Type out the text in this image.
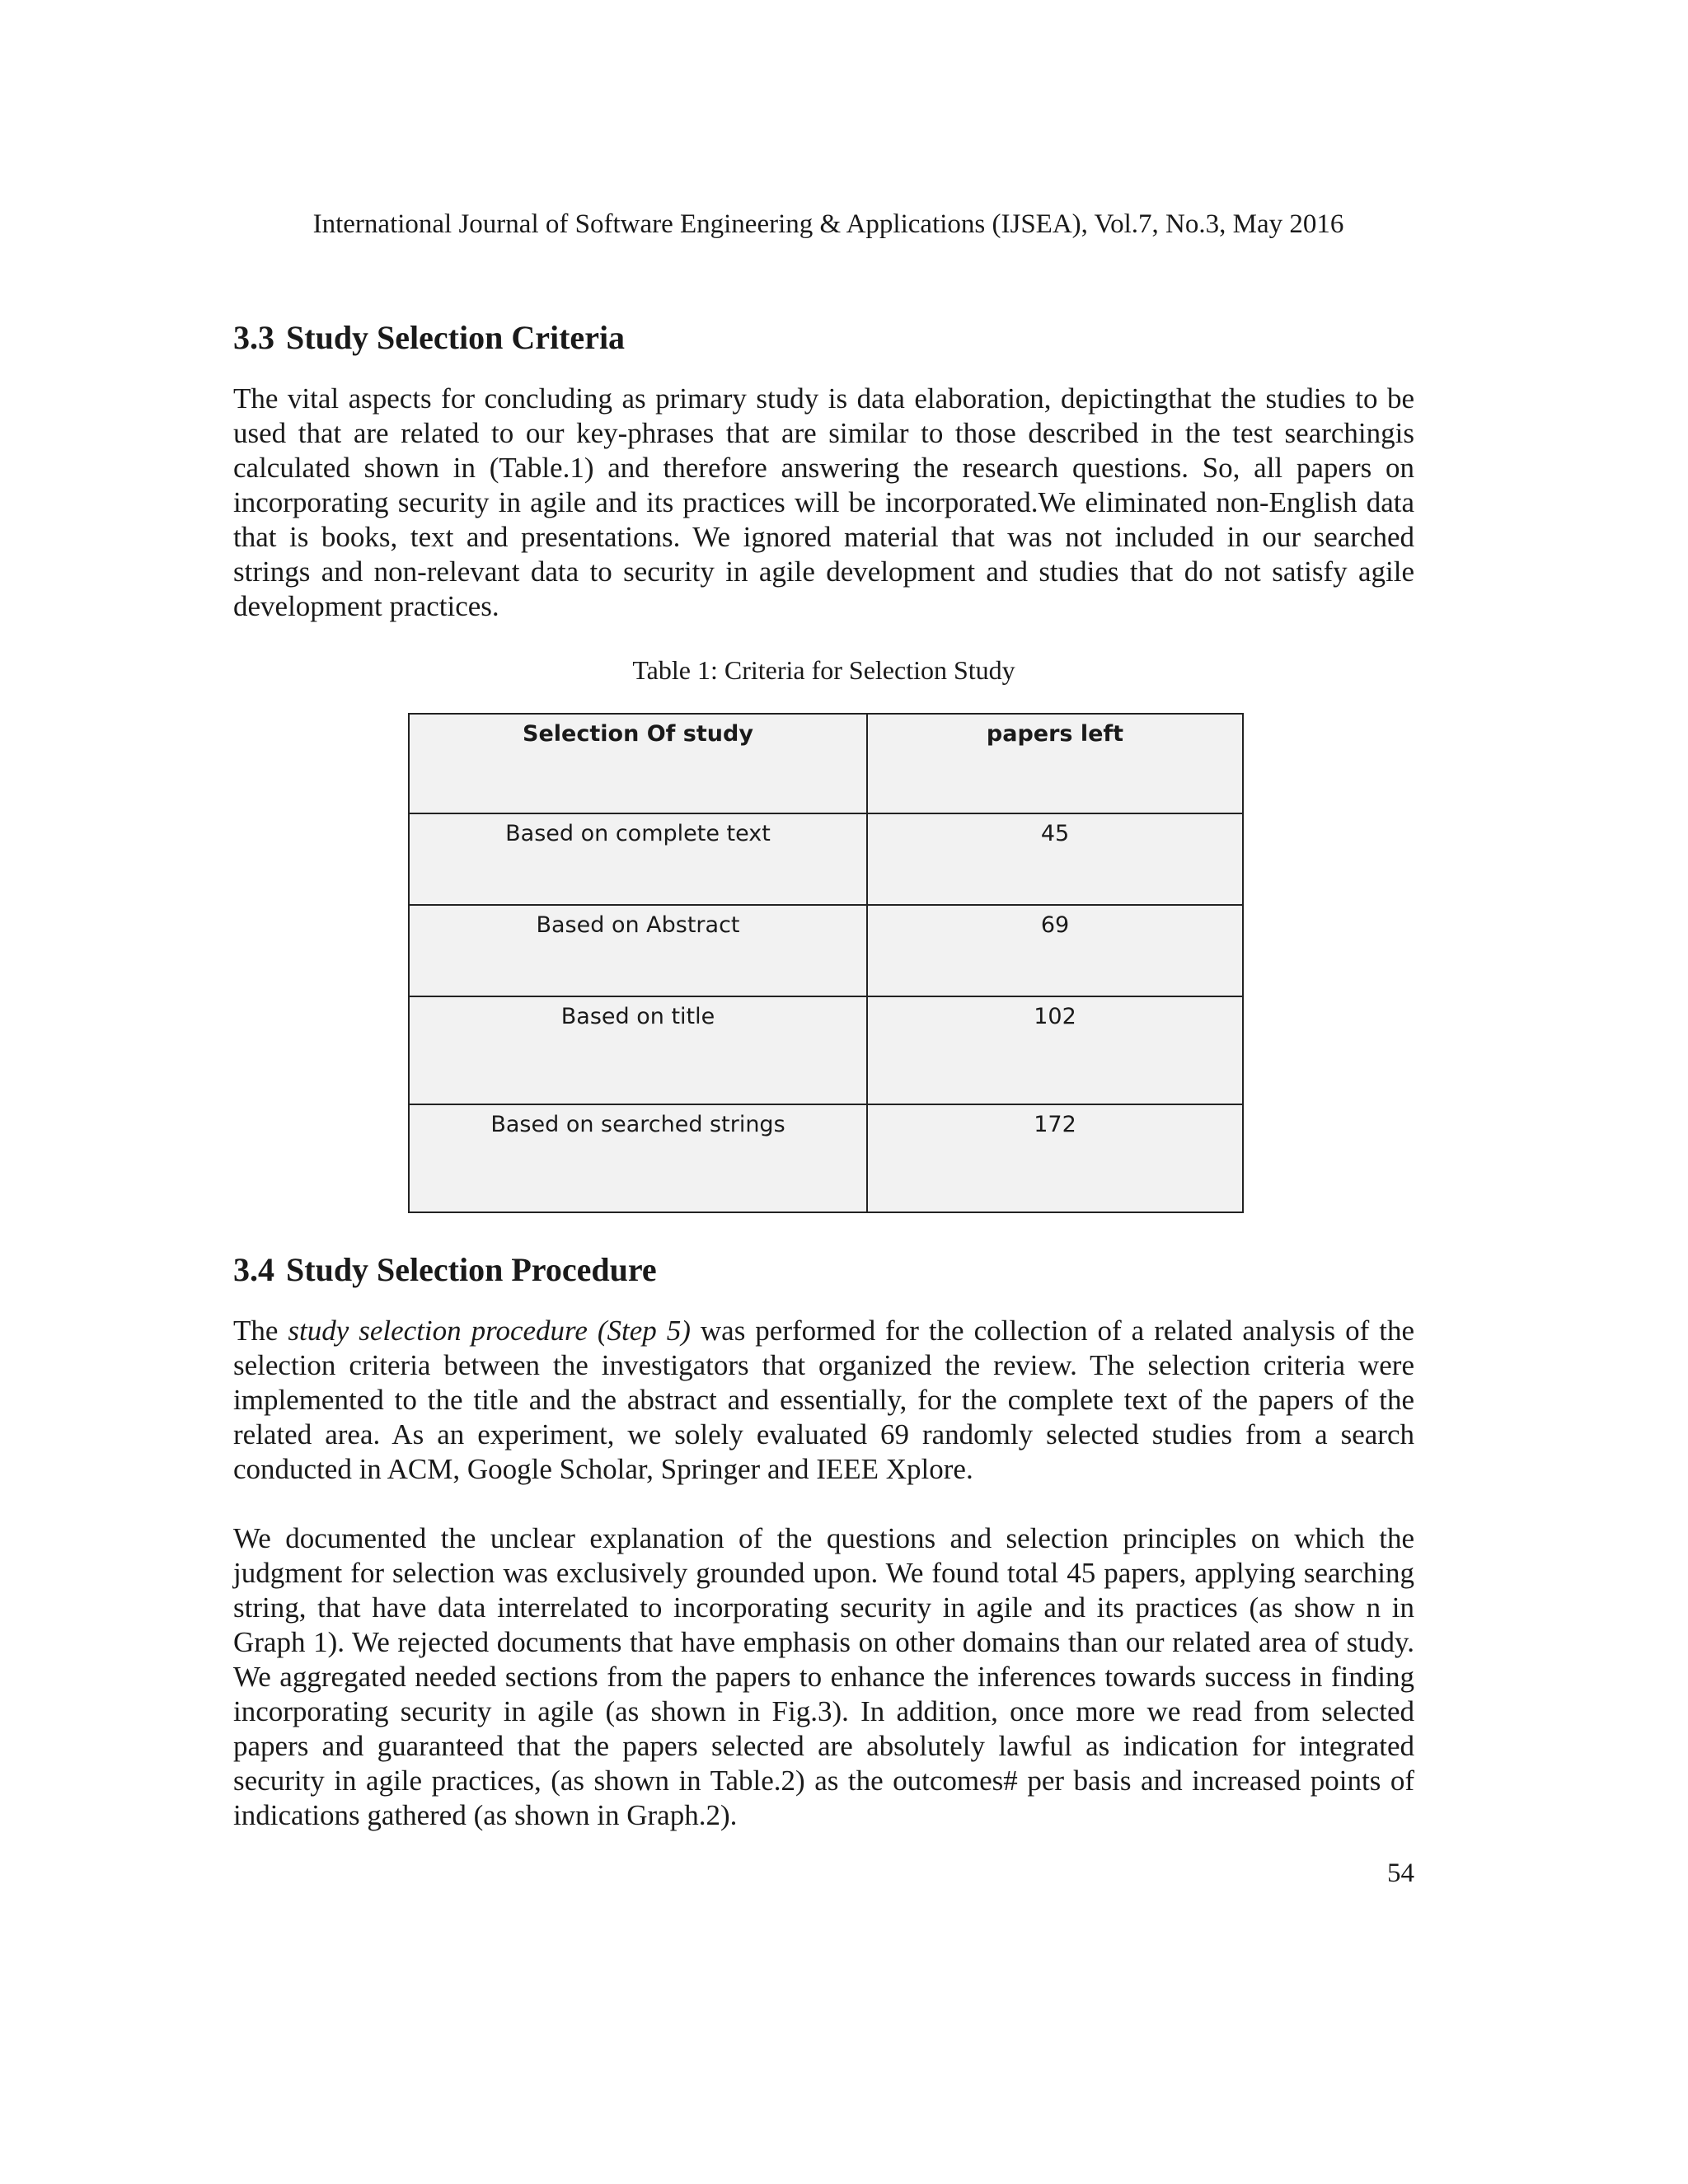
International Journal of Software Engineering & Applications (IJSEA), Vol.7, No.3, May 2016
3.3 Study Selection Criteria

The vital aspects for concluding as primary study is data elaboration, depictingthat the studies to be used that are related to our key-phrases that are similar to those described in the test searchingis calculated shown in (Table.1) and therefore answering the research questions. So, all papers on incorporating security in agile and its practices will be incorporated.We eliminated non-English data that is books, text and presentations. We ignored material that was not included in our searched strings and non-relevant data to security in agile development and studies that do not satisfy agile development practices.

Table 1: Criteria for Selection Study

Selection Of study	papers left
Based on complete text	45
Based on Abstract	69
Based on title	102
Based on searched strings	172
3.4 Study Selection Procedure

The study selection procedure (Step 5) was performed for the collection of a related analysis of the selection criteria between the investigators that organized the review. The selection criteria were implemented to the title and the abstract and essentially, for the complete text of the papers of the related area. As an experiment, we solely evaluated 69 randomly selected studies from a search conducted in ACM, Google Scholar, Springer and IEEE Xplore.

We documented the unclear explanation of the questions and selection principles on which the judgment for selection was exclusively grounded upon. We found total 45 papers, applying searching string, that have data interrelated to incorporating security in agile and its practices (as show n in Graph 1). We rejected documents that have emphasis on other domains than our related area of study. We aggregated needed sections from the papers to enhance the inferences towards success in finding incorporating security in agile (as shown in Fig.3). In addition, once more we read from selected papers and guaranteed that the papers selected are absolutely lawful as indication for integrated security in agile practices, (as shown in Table.2) as the outcomes# per basis and increased points of indications gathered (as shown in Graph.2).

54
